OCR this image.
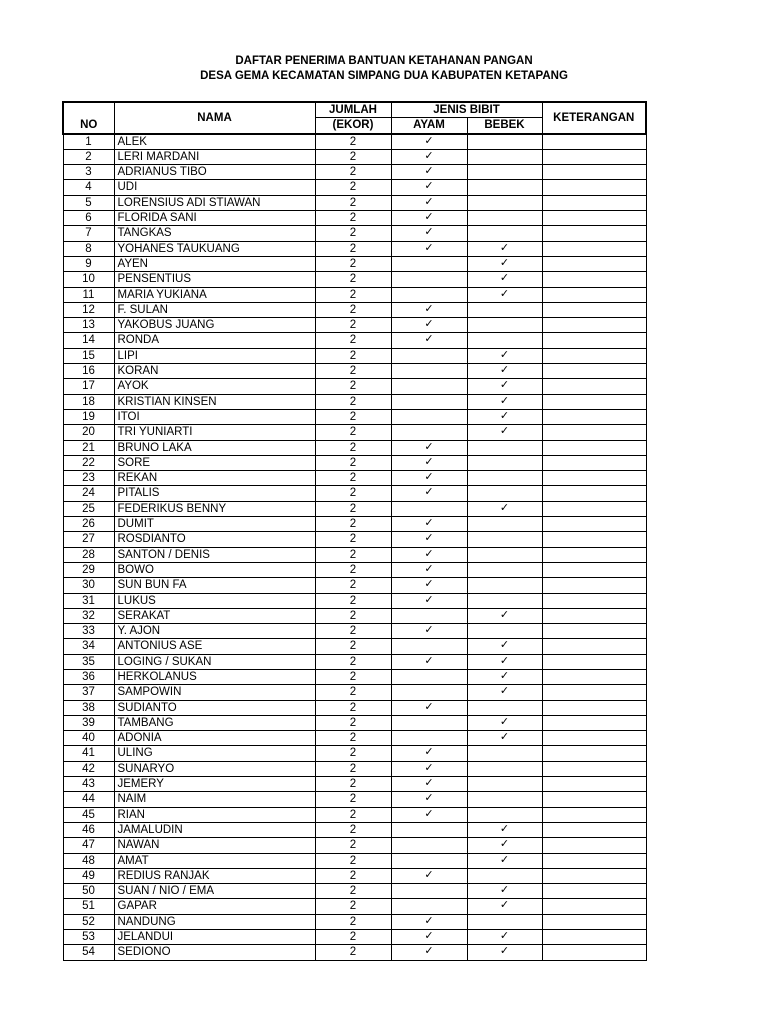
DAFTAR PENERIMA BANTUAN KETAHANAN PANGAN
DESA GEMA KECAMATAN SIMPANG DUA KABUPATEN KETAPANG
NO	NAMA	JUMLAH	JENIS BIBIT		KETERANGAN
		(EKOR)	AYAM	BEBEK	
1	ALEK	2	✓		
2	LERI MARDANI	2	✓		
3	ADRIANUS TIBO	2	✓		
4	UDI	2	✓		
5	LORENSIUS ADI STIAWAN	2	✓		
6	FLORIDA SANI	2	✓		
7	TANGKAS	2	✓		
8	YOHANES TAUKUANG	2	✓	✓	
9	AYEN	2		✓	
10	PENSENTIUS	2		✓	
11	MARIA YUKIANA	2		✓	
12	F. SULAN	2	✓		
13	YAKOBUS JUANG	2	✓		
14	RONDA	2	✓		
15	LIPI	2		✓	
16	KORAN	2		✓	
17	AYOK	2		✓	
18	KRISTIAN KINSEN	2		✓	
19	ITOI	2		✓	
20	TRI YUNIARTI	2		✓	
21	BRUNO LAKA	2	✓		
22	SORE	2	✓		
23	REKAN	2	✓		
24	PITALIS	2	✓		
25	FEDERIKUS BENNY	2		✓	
26	DUMIT	2	✓		
27	ROSDIANTO	2	✓		
28	SANTON / DENIS	2	✓		
29	BOWO	2	✓		
30	SUN BUN FA	2	✓		
31	LUKUS	2	✓		
32	SERAKAT	2		✓	
33	Y. AJON	2	✓		
34	ANTONIUS ASE	2		✓	
35	LOGING / SUKAN	2	✓	✓	
36	HERKOLANUS	2		✓	
37	SAMPOWIN	2		✓	
38	SUDIANTO	2	✓		
39	TAMBANG	2		✓	
40	ADONIA	2		✓	
41	ULING	2	✓		
42	SUNARYO	2	✓		
43	JEMERY	2	✓		
44	NAIM	2	✓		
45	RIAN	2	✓		
46	JAMALUDIN	2		✓	
47	NAWAN	2		✓	
48	AMAT	2		✓	
49	REDIUS RANJAK	2	✓		
50	SUAN / NIO / EMA	2		✓	
51	GAPAR	2		✓	
52	NANDUNG	2	✓		
53	JELANDUI	2	✓	✓	
54	SEDIONO	2	✓	✓	
